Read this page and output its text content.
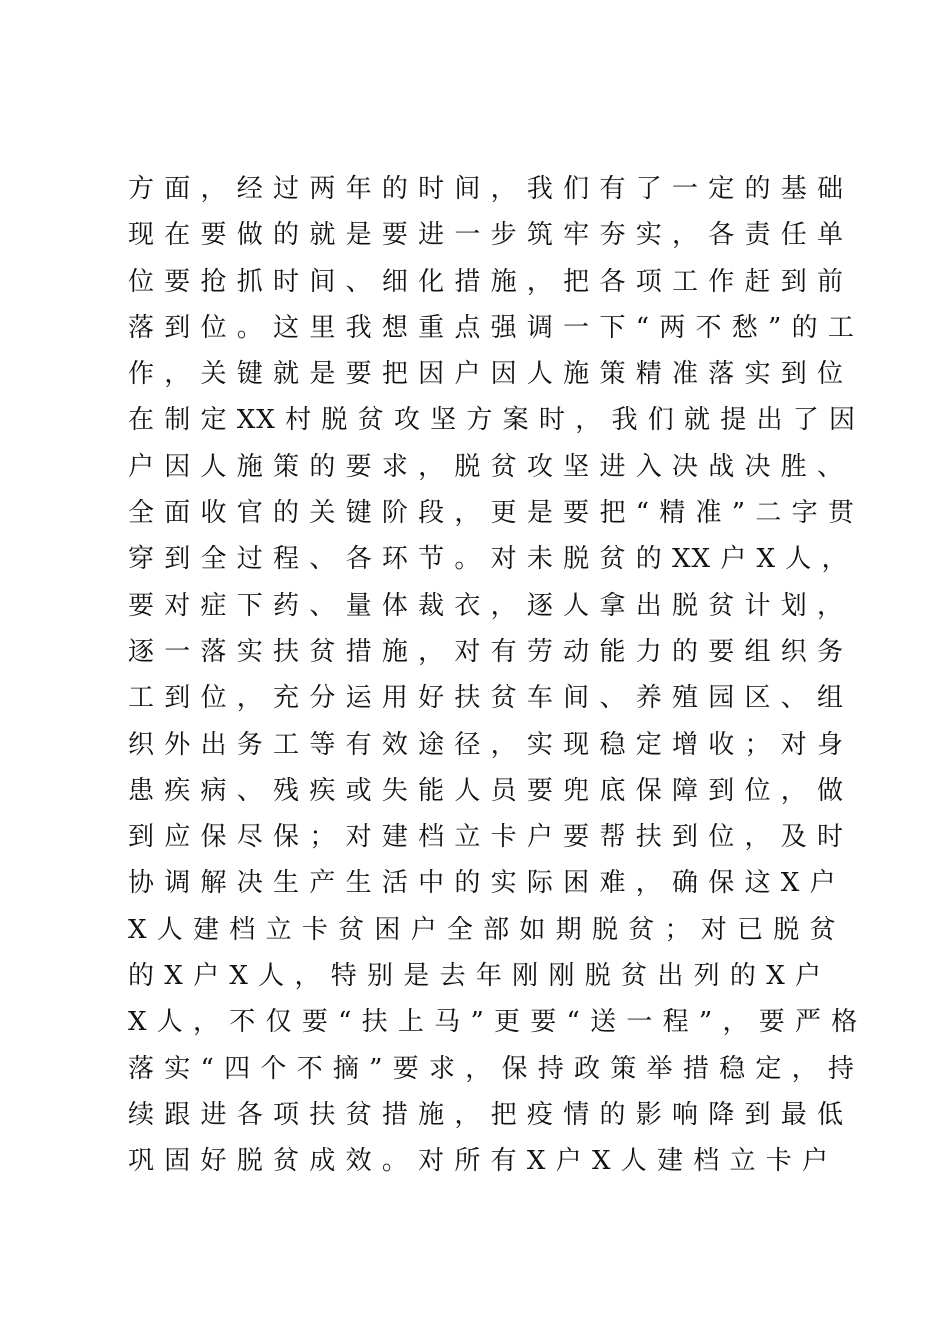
方 面 ， 经 过 两 年 的 时 间 ， 我 们 有 了 一 定 的 基 础
现 在 要 做 的 就 是 要 进 一 步 筑 牢 夯 实 ， 各 责 任 单
位 要 抢 抓 时 间 、 细 化 措 施 ， 把 各 项 工 作 赶 到 前
落 到 位 。 这 里 我 想 重 点 强 调 一 下 “ 两 不 愁 ” 的 工
作 ， 关 键 就 是 要 把 因 户 因 人 施 策 精 准 落 实 到 位
在 制 定 XX 村 脱 贫 攻 坚 方 案 时 ， 我 们 就 提 出 了 因
户 因 人 施 策 的 要 求 ， 脱 贫 攻 坚 进 入 决 战 决 胜 、
全 面 收 官 的 关 键 阶 段 ， 更 是 要 把 “ 精 准 ” 二 字 贯
穿 到 全 过 程 、 各 环 节 。 对 未 脱 贫 的 XX 户 X 人 ，
要 对 症 下 药 、 量 体 裁 衣 ， 逐 人 拿 出 脱 贫 计 划 ，
逐 一 落 实 扶 贫 措 施 ， 对 有 劳 动 能 力 的 要 组 织 务
工 到 位 ， 充 分 运 用 好 扶 贫 车 间 、 养 殖 园 区 、 组
织 外 出 务 工 等 有 效 途 径 ， 实 现 稳 定 增 收 ； 对 身
患 疾 病 、 残 疾 或 失 能 人 员 要 兜 底 保 障 到 位 ， 做
到 应 保 尽 保 ； 对 建 档 立 卡 户 要 帮 扶 到 位 ， 及 时
协 调 解 决 生 产 生 活 中 的 实 际 困 难 ， 确 保 这 X 户
X 人 建 档 立 卡 贫 困 户 全 部 如 期 脱 贫 ； 对 已 脱 贫
的 X 户 X 人 ， 特 别 是 去 年 刚 刚 脱 贫 出 列 的 X 户
X 人 ， 不 仅 要 “ 扶 上 马 ” 更 要 “ 送 一 程 ” ， 要 严 格
落 实 “ 四 个 不 摘 ” 要 求 ， 保 持 政 策 举 措 稳 定 ， 持
续 跟 进 各 项 扶 贫 措 施 ， 把 疫 情 的 影 响 降 到 最 低
巩 固 好 脱 贫 成 效 。 对 所 有 X 户 X 人 建 档 立 卡 户
